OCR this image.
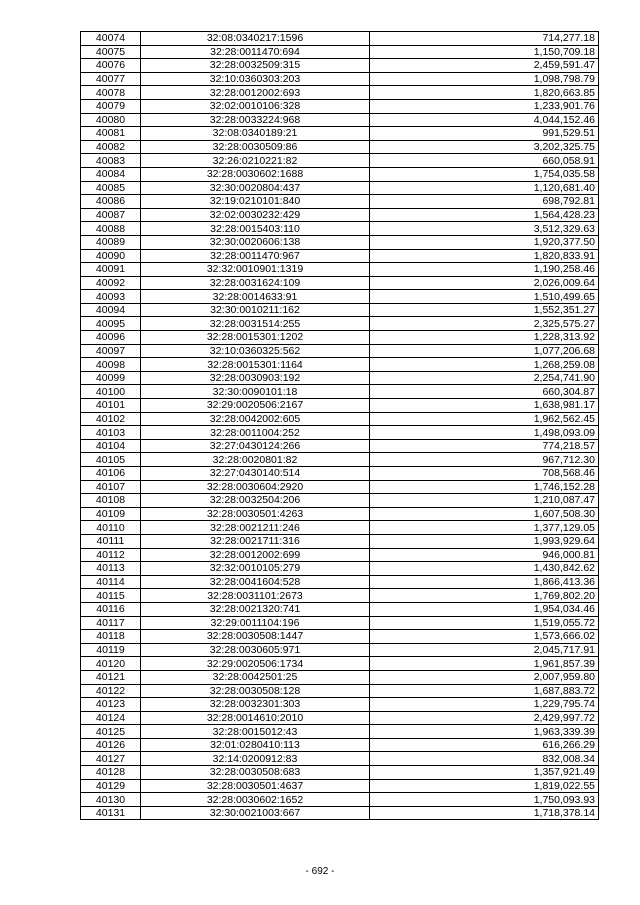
40074	32:08:0340217:1596	714,277.18
40075	32:28:0011470:694	1,150,709.18
40076	32:28:0032509:315	2,459,591.47
40077	32:10:0360303:203	1,098,798.79
40078	32:28:0012002:693	1,820,663.85
40079	32:02:0010106:328	1,233,901.76
40080	32:28:0033224:968	4,044,152.46
40081	32:08:0340189:21	991,529.51
40082	32:28:0030509:86	3,202,325.75
40083	32:26:0210221:82	660,058.91
40084	32:28:0030602:1688	1,754,035.58
40085	32:30:0020804:437	1,120,681.40
40086	32:19:0210101:840	698,792.81
40087	32:02:0030232:429	1,564,428.23
40088	32:28:0015403:110	3,512,329.63
40089	32:30:0020606:138	1,920,377.50
40090	32:28:0011470:967	1,820,833.91
40091	32:32:0010901:1319	1,190,258.46
40092	32:28:0031624:109	2,026,009.64
40093	32:28:0014633:91	1,510,499.65
40094	32:30:0010211:162	1,552,351.27
40095	32:28:0031514:255	2,325,575.27
40096	32:28:0015301:1202	1,228,313.92
40097	32:10:0360325:562	1,077,206.68
40098	32:28:0015301:1164	1,268,259.08
40099	32:28:0030903:192	2,254,741.90
40100	32:30:0090101:18	660,304.87
40101	32:29:0020506:2167	1,638,981.17
40102	32:28:0042002:605	1,962,562.45
40103	32:28:0011004:252	1,498,093.09
40104	32:27:0430124:266	774,218.57
40105	32:28:0020801:82	967,712.30
40106	32:27:0430140:514	708,568.46
40107	32:28:0030604:2920	1,746,152.28
40108	32:28:0032504:206	1,210,087.47
40109	32:28:0030501:4263	1,607,508.30
40110	32:28:0021211:246	1,377,129.05
40111	32:28:0021711:316	1,993,929.64
40112	32:28:0012002:699	946,000.81
40113	32:32:0010105:279	1,430,842.62
40114	32:28:0041604:528	1,866,413.36
40115	32:28:0031101:2673	1,769,802.20
40116	32:28:0021320:741	1,954,034.46
40117	32:29:0011104:196	1,519,055.72
40118	32:28:0030508:1447	1,573,666.02
40119	32:28:0030605:971	2,045,717.91
40120	32:29:0020506:1734	1,961,857.39
40121	32:28:0042501:25	2,007,959.80
40122	32:28:0030508:128	1,687,883.72
40123	32:28:0032301:303	1,229,795.74
40124	32:28:0014610:2010	2,429,997.72
40125	32:28:0015012:43	1,963,339.39
40126	32:01:0280410:113	616,266.29
40127	32:14:0200912:83	832,008.34
40128	32:28:0030508:683	1,357,921.49
40129	32:28:0030501:4637	1,819,022.55
40130	32:28:0030602:1652	1,750,093.93
40131	32:30:0021003:667	1,718,378.14
- 692 -
